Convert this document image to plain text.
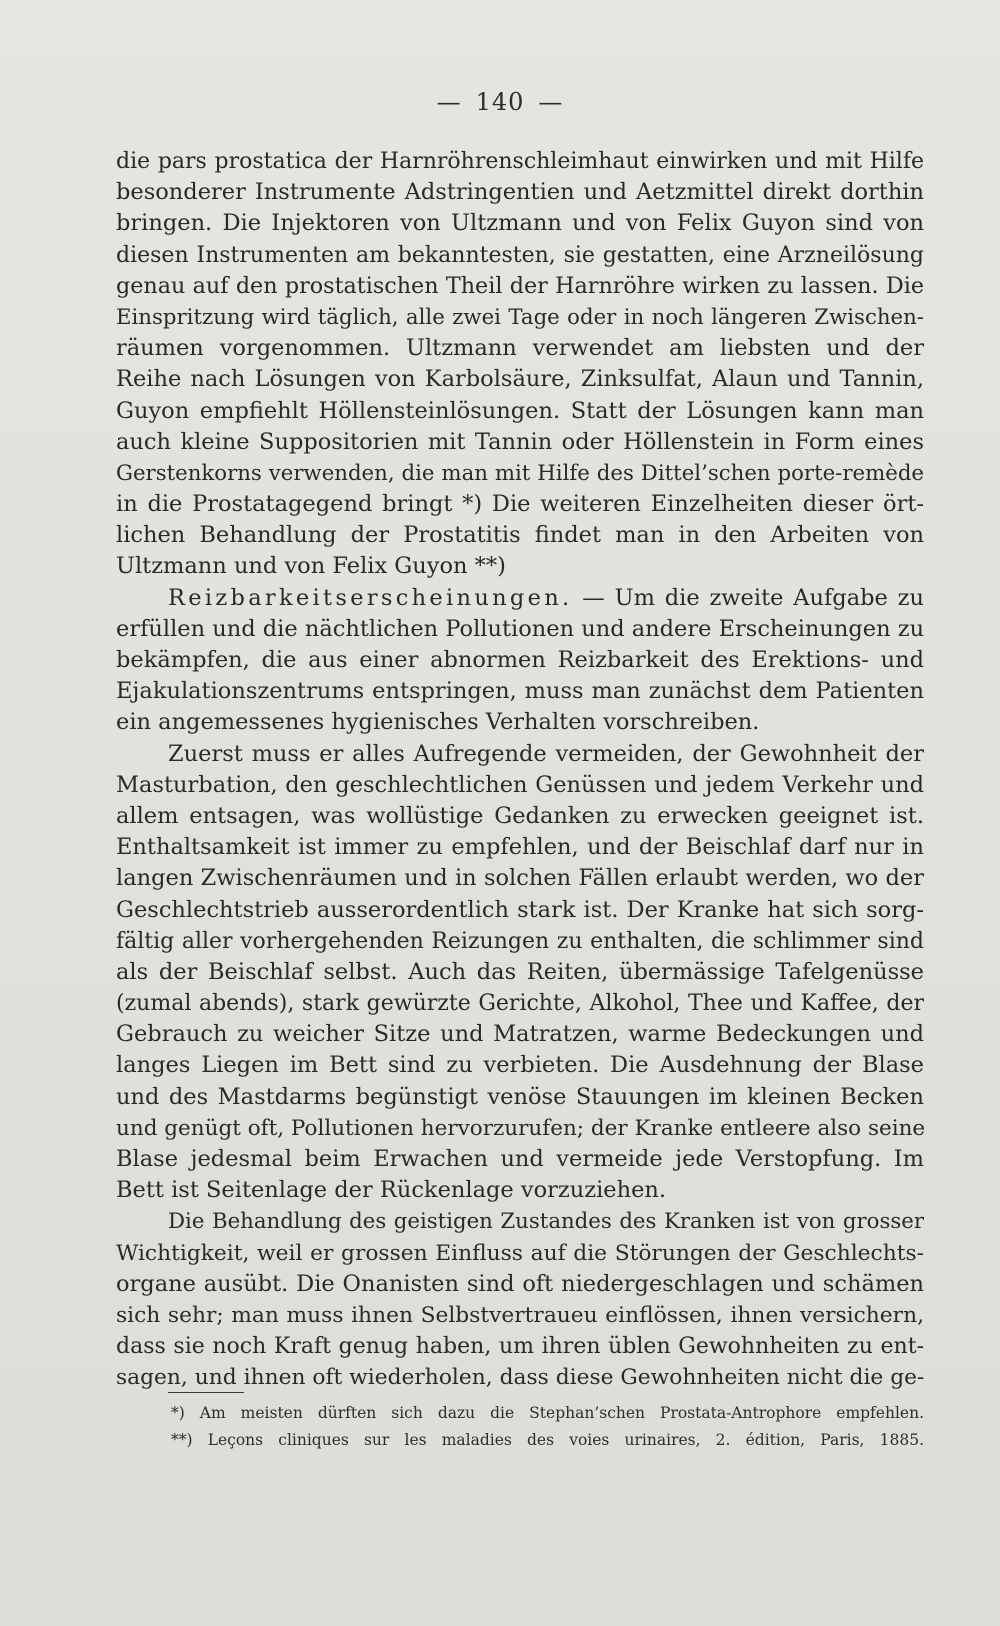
— 140 —
die pars prostatica der Harnröhrenschleimhaut einwirken und mit Hilfe
besonderer Instrumente Adstringentien und Aetzmittel direkt dorthin
bringen. Die Injektoren von Ultzmann und von Felix Guyon sind von
diesen Instrumenten am bekanntesten, sie gestatten, eine Arzneilösung
genau auf den prostatischen Theil der Harnröhre wirken zu lassen. Die
Einspritzung wird täglich, alle zwei Tage oder in noch längeren Zwischen-
räumen vorgenommen. Ultzmann verwendet am liebsten und der
Reihe nach Lösungen von Karbolsäure, Zinksulfat, Alaun und Tannin,
Guyon empfiehlt Höllensteinlösungen. Statt der Lösungen kann man
auch kleine Suppositorien mit Tannin oder Höllenstein in Form eines
Gerstenkorns verwenden, die man mit Hilfe des Dittel’schen porte-remède
in die Prostatagegend bringt *) Die weiteren Einzelheiten dieser ört-
lichen Behandlung der Prostatitis findet man in den Arbeiten von
Ultzmann und von Felix Guyon **)
Reizbarkeitserscheinungen. — Um die zweite Aufgabe zu
erfüllen und die nächtlichen Pollutionen und andere Erscheinungen zu
bekämpfen, die aus einer abnormen Reizbarkeit des Erektions- und
Ejakulationszentrums entspringen, muss man zunächst dem Patienten
ein angemessenes hygienisches Verhalten vorschreiben.
Zuerst muss er alles Aufregende vermeiden, der Gewohnheit der
Masturbation, den geschlechtlichen Genüssen und jedem Verkehr und
allem entsagen, was wollüstige Gedanken zu erwecken geeignet ist.
Enthaltsamkeit ist immer zu empfehlen, und der Beischlaf darf nur in
langen Zwischenräumen und in solchen Fällen erlaubt werden, wo der
Geschlechtstrieb ausserordentlich stark ist. Der Kranke hat sich sorg-
fältig aller vorhergehenden Reizungen zu enthalten, die schlimmer sind
als der Beischlaf selbst. Auch das Reiten, übermässige Tafelgenüsse
(zumal abends), stark gewürzte Gerichte, Alkohol, Thee und Kaffee, der
Gebrauch zu weicher Sitze und Matratzen, warme Bedeckungen und
langes Liegen im Bett sind zu verbieten. Die Ausdehnung der Blase
und des Mastdarms begünstigt venöse Stauungen im kleinen Becken
und genügt oft, Pollutionen hervorzurufen; der Kranke entleere also seine
Blase jedesmal beim Erwachen und vermeide jede Verstopfung. Im
Bett ist Seitenlage der Rückenlage vorzuziehen.
Die Behandlung des geistigen Zustandes des Kranken ist von grosser
Wichtigkeit, weil er grossen Einfluss auf die Störungen der Geschlechts-
organe ausübt. Die Onanisten sind oft niedergeschlagen und schämen
sich sehr; man muss ihnen Selbstvertraueu einflössen, ihnen versichern,
dass sie noch Kraft genug haben, um ihren üblen Gewohnheiten zu ent-
sagen, und ihnen oft wiederholen, dass diese Gewohnheiten nicht die ge-
*) Am meisten dürften sich dazu die Stephan’schen Prostata-Antrophore empfehlen.
**) Leçons cliniques sur les maladies des voies urinaires, 2. édition, Paris, 1885.
